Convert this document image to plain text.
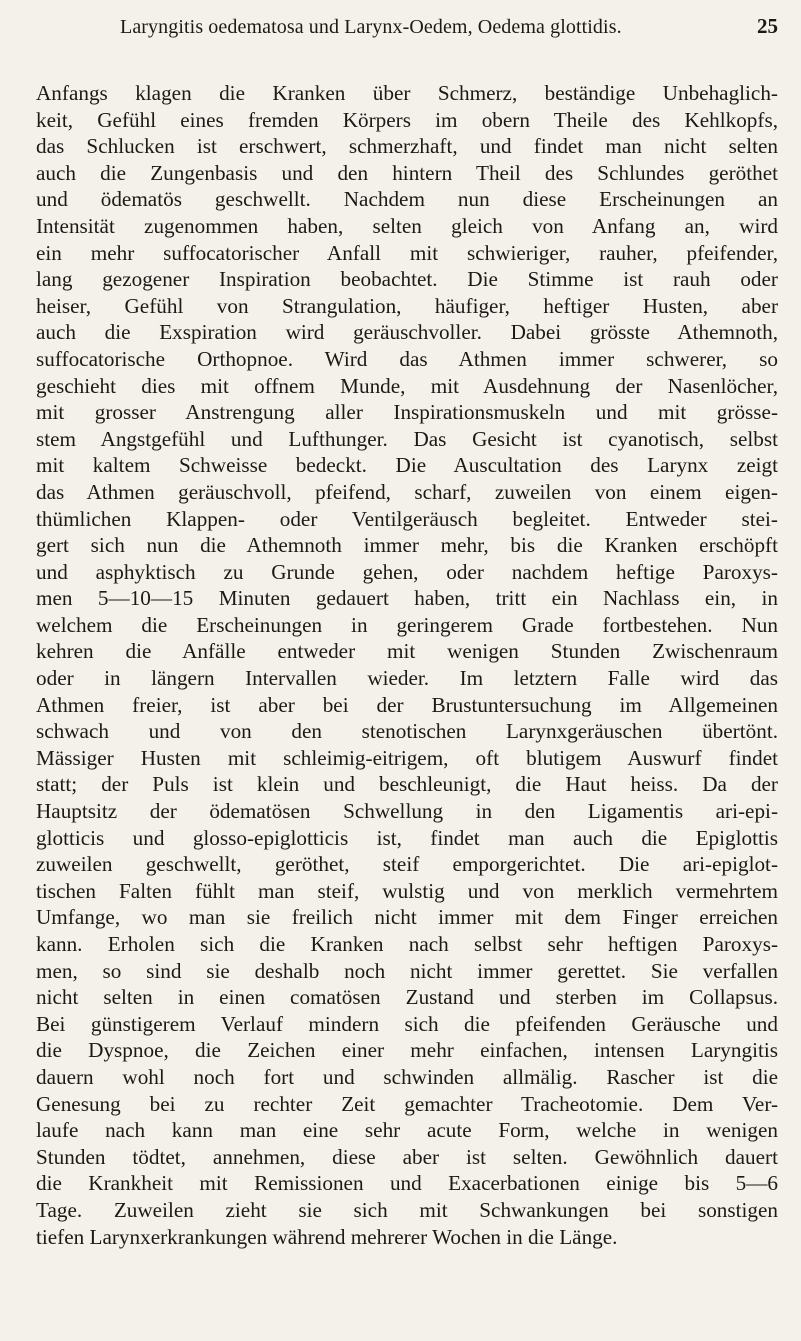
Laryngitis oedematosa und Larynx-Oedem, Oedema glottidis.	25
Anfangs klagen die Kranken über Schmerz, beständige Unbehaglich-
keit, Gefühl eines fremden Körpers im obern Theile des Kehlkopfs,
das Schlucken ist erschwert, schmerzhaft, und findet man nicht selten
auch die Zungenbasis und den hintern Theil des Schlundes geröthet
und ödematös geschwellt. Nachdem nun diese Erscheinungen an
Intensität zugenommen haben, selten gleich von Anfang an, wird
ein mehr suffocatorischer Anfall mit schwieriger, rauher, pfeifender,
lang gezogener Inspiration beobachtet. Die Stimme ist rauh oder
heiser, Gefühl von Strangulation, häufiger, heftiger Husten, aber
auch die Exspiration wird geräuschvoller. Dabei grösste Athemnoth,
suffocatorische Orthopnoe. Wird das Athmen immer schwerer, so
geschieht dies mit offnem Munde, mit Ausdehnung der Nasenlöcher,
mit grosser Anstrengung aller Inspirationsmuskeln und mit grösse-
stem Angstgefühl und Lufthunger. Das Gesicht ist cyanotisch, selbst
mit kaltem Schweisse bedeckt. Die Auscultation des Larynx zeigt
das Athmen geräuschvoll, pfeifend, scharf, zuweilen von einem eigen-
thümlichen Klappen- oder Ventilgeräusch begleitet. Entweder stei-
gert sich nun die Athemnoth immer mehr, bis die Kranken erschöpft
und asphyktisch zu Grunde gehen, oder nachdem heftige Paroxys-
men 5—10—15 Minuten gedauert haben, tritt ein Nachlass ein, in
welchem die Erscheinungen in geringerem Grade fortbestehen. Nun
kehren die Anfälle entweder mit wenigen Stunden Zwischenraum
oder in längern Intervallen wieder. Im letztern Falle wird das
Athmen freier, ist aber bei der Brustuntersuchung im Allgemeinen
schwach und von den stenotischen Larynxgeräuschen übertönt.
Mässiger Husten mit schleimig-eitrigem, oft blutigem Auswurf findet
statt; der Puls ist klein und beschleunigt, die Haut heiss. Da der
Hauptsitz der ödematösen Schwellung in den Ligamentis ari-epi-
glotticis und glosso-epiglotticis ist, findet man auch die Epiglottis
zuweilen geschwellt, geröthet, steif emporgerichtet. Die ari-epiglot-
tischen Falten fühlt man steif, wulstig und von merklich vermehrtem
Umfange, wo man sie freilich nicht immer mit dem Finger erreichen
kann. Erholen sich die Kranken nach selbst sehr heftigen Paroxys-
men, so sind sie deshalb noch nicht immer gerettet. Sie verfallen
nicht selten in einen comatösen Zustand und sterben im Collapsus.
Bei günstigerem Verlauf mindern sich die pfeifenden Geräusche und
die Dyspnoe, die Zeichen einer mehr einfachen, intensen Laryngitis
dauern wohl noch fort und schwinden allmälig. Rascher ist die
Genesung bei zu rechter Zeit gemachter Tracheotomie. Dem Ver-
laufe nach kann man eine sehr acute Form, welche in wenigen
Stunden tödtet, annehmen, diese aber ist selten. Gewöhnlich dauert
die Krankheit mit Remissionen und Exacerbationen einige bis 5—6
Tage. Zuweilen zieht sie sich mit Schwankungen bei sonstigen
tiefen Larynxerkrankungen während mehrerer Wochen in die Länge.
